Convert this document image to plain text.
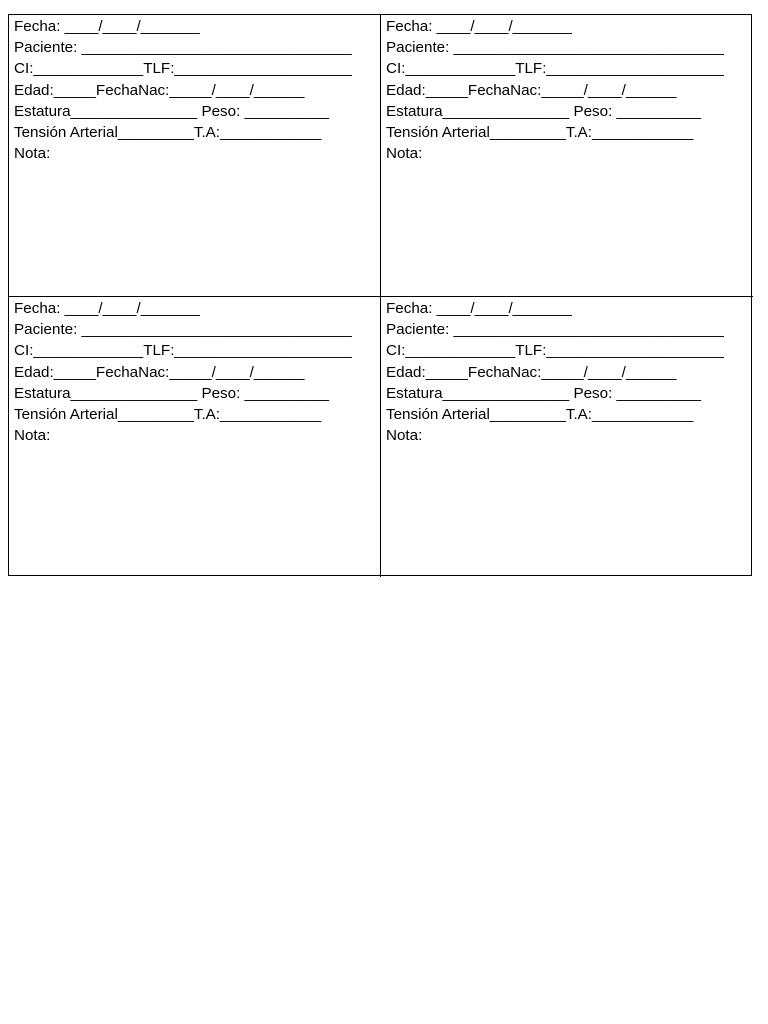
Fecha: ____/____/_______
Paciente: ________________________________
CI:_____________TLF:_____________________
Edad:_____FechaNac:_____/____/______
Estatura_______________ Peso: __________
Tensión Arterial_________T.A:____________
Nota:
Fecha: ____/____/_______
Paciente: ________________________________
CI:_____________TLF:_____________________
Edad:_____FechaNac:_____/____/______
Estatura_______________ Peso: __________
Tensión Arterial_________T.A:____________
Nota:
Fecha: ____/____/_______
Paciente: ________________________________
CI:_____________TLF:_____________________
Edad:_____FechaNac:_____/____/______
Estatura_______________ Peso: __________
Tensión Arterial_________T.A:____________
Nota:
Fecha: ____/____/_______
Paciente: ________________________________
CI:_____________TLF:_____________________
Edad:_____FechaNac:_____/____/______
Estatura_______________ Peso: __________
Tensión Arterial_________T.A:____________
Nota:
